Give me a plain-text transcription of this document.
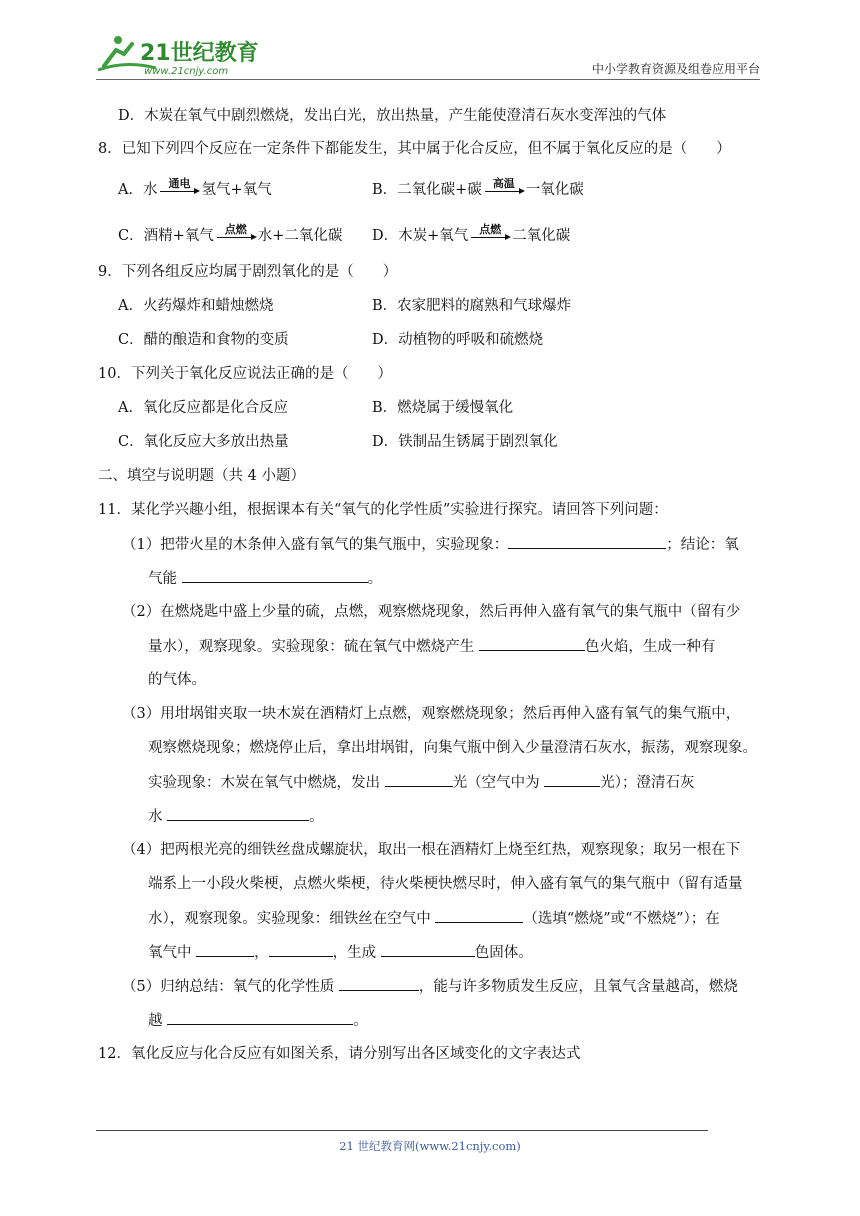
21世纪教育
www.21cnjy.com	中小学教育资源及组卷应用平台
D．木炭在氧气中剧烈燃烧，发出白光，放出热量，产生能使澄清石灰水变浑浊的气体
8．已知下列四个反应在一定条件下都能发生，其中属于化合反应，但不属于氧化反应的是（　　）
A．水	通电 氢气+氧气	B．二氧化碳+碳	高温 一氧化碳
C．酒精+氧气	点燃 水+二氧化碳 D．木炭+氧气	点燃 二氧化碳
9．下列各组反应均属于剧烈氧化的是（　　）
A．火药爆炸和蜡烛燃烧	B．农家肥料的腐熟和气球爆炸
C．醋的酿造和食物的变质	D．动植物的呼吸和硫燃烧
10．下列关于氧化反应说法正确的是（　　）
A．氧化反应都是化合反应	B．燃烧属于缓慢氧化
C．氧化反应大多放出热量	D．铁制品生锈属于剧烈氧化
二、填空与说明题（共 4 小题）
11．某化学兴趣小组，根据课本有关“氧气的化学性质”实验进行探究。请回答下列问题：
（1）把带火星的木条伸入盛有氧气的集气瓶中，实验现象：	；结论：氧
气能	。
（2）在燃烧匙中盛上少量的硫，点燃，观察燃烧现象，然后再伸入盛有氧气的集气瓶中（留有少
量水），观察现象。实验现象：硫在氧气中燃烧产生	色火焰，生成一种有
的气体。
（3）用坩埚钳夹取一块木炭在酒精灯上点燃，观察燃烧现象；然后再伸入盛有氧气的集气瓶中，
观察燃烧现象；燃烧停止后，拿出坩埚钳，向集气瓶中倒入少量澄清石灰水，振荡，观察现象。
实验现象：木炭在氧气中燃烧，发出	光（空气中为	光）；澄清石灰
水	。
（4）把两根光亮的细铁丝盘成螺旋状，取出一根在酒精灯上烧至红热，观察现象；取另一根在下
端系上一小段火柴梗，点燃火柴梗，待火柴梗快燃尽时，伸入盛有氧气的集气瓶中（留有适量
水），观察现象。实验现象：细铁丝在空气中	（选填“燃烧”或“不燃烧”）；在
氧气中	，	，生成	色固体。
（5）归纳总结：氧气的化学性质	，能与许多物质发生反应，且氧气含量越高，燃烧
越	。
12．氧化反应与化合反应有如图关系，请分别写出各区域变化的文字表达式
21 世纪教育网(www.21cnjy.com)
